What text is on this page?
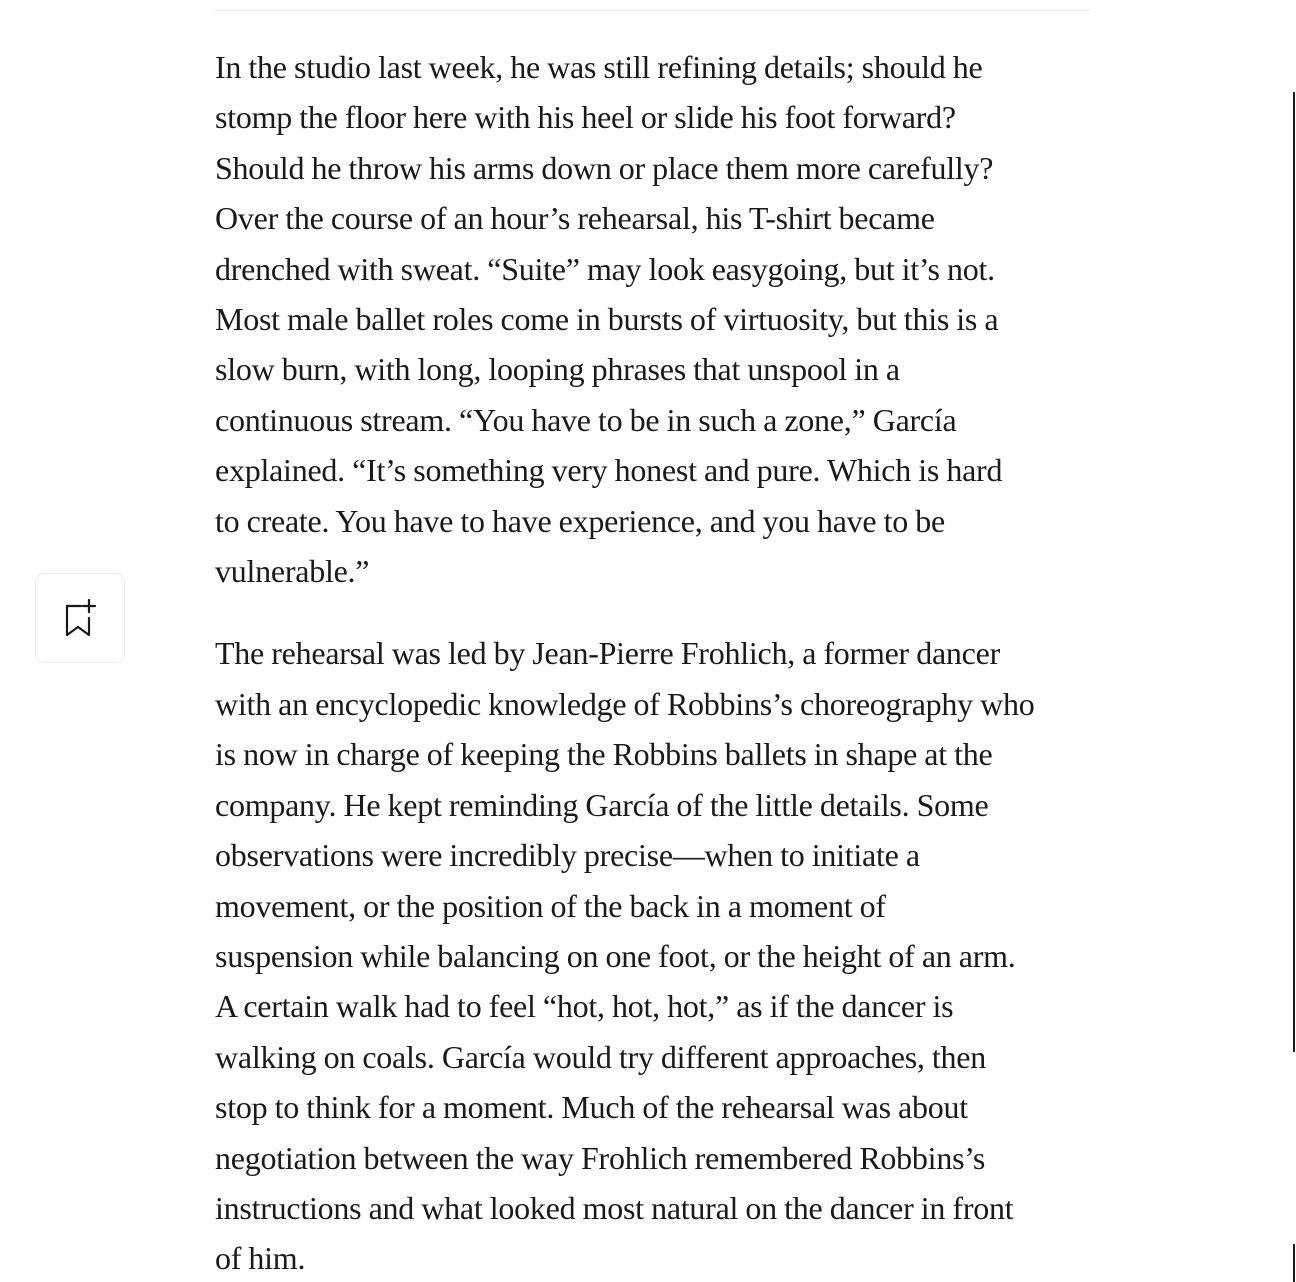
In the studio last week, he was still refining details; should he
stomp the floor here with his heel or slide his foot forward?
Should he throw his arms down or place them more carefully?
Over the course of an hour’s rehearsal, his T-shirt became
drenched with sweat. “Suite” may look easygoing, but it’s not.
Most male ballet roles come in bursts of virtuosity, but this is a
slow burn, with long, looping phrases that unspool in a
continuous stream. “You have to be in such a zone,” García
explained. “It’s something very honest and pure. Which is hard
to create. You have to have experience, and you have to be
vulnerable.”

The rehearsal was led by Jean-Pierre Frohlich, a former dancer
with an encyclopedic knowledge of Robbins’s choreography who
is now in charge of keeping the Robbins ballets in shape at the
company. He kept reminding García of the little details. Some
observations were incredibly precise—when to initiate a
movement, or the position of the back in a moment of
suspension while balancing on one foot, or the height of an arm.
A certain walk had to feel “hot, hot, hot,” as if the dancer is
walking on coals. García would try different approaches, then
stop to think for a moment. Much of the rehearsal was about
negotiation between the way Frohlich remembered Robbins’s
instructions and what looked most natural on the dancer in front
of him.
